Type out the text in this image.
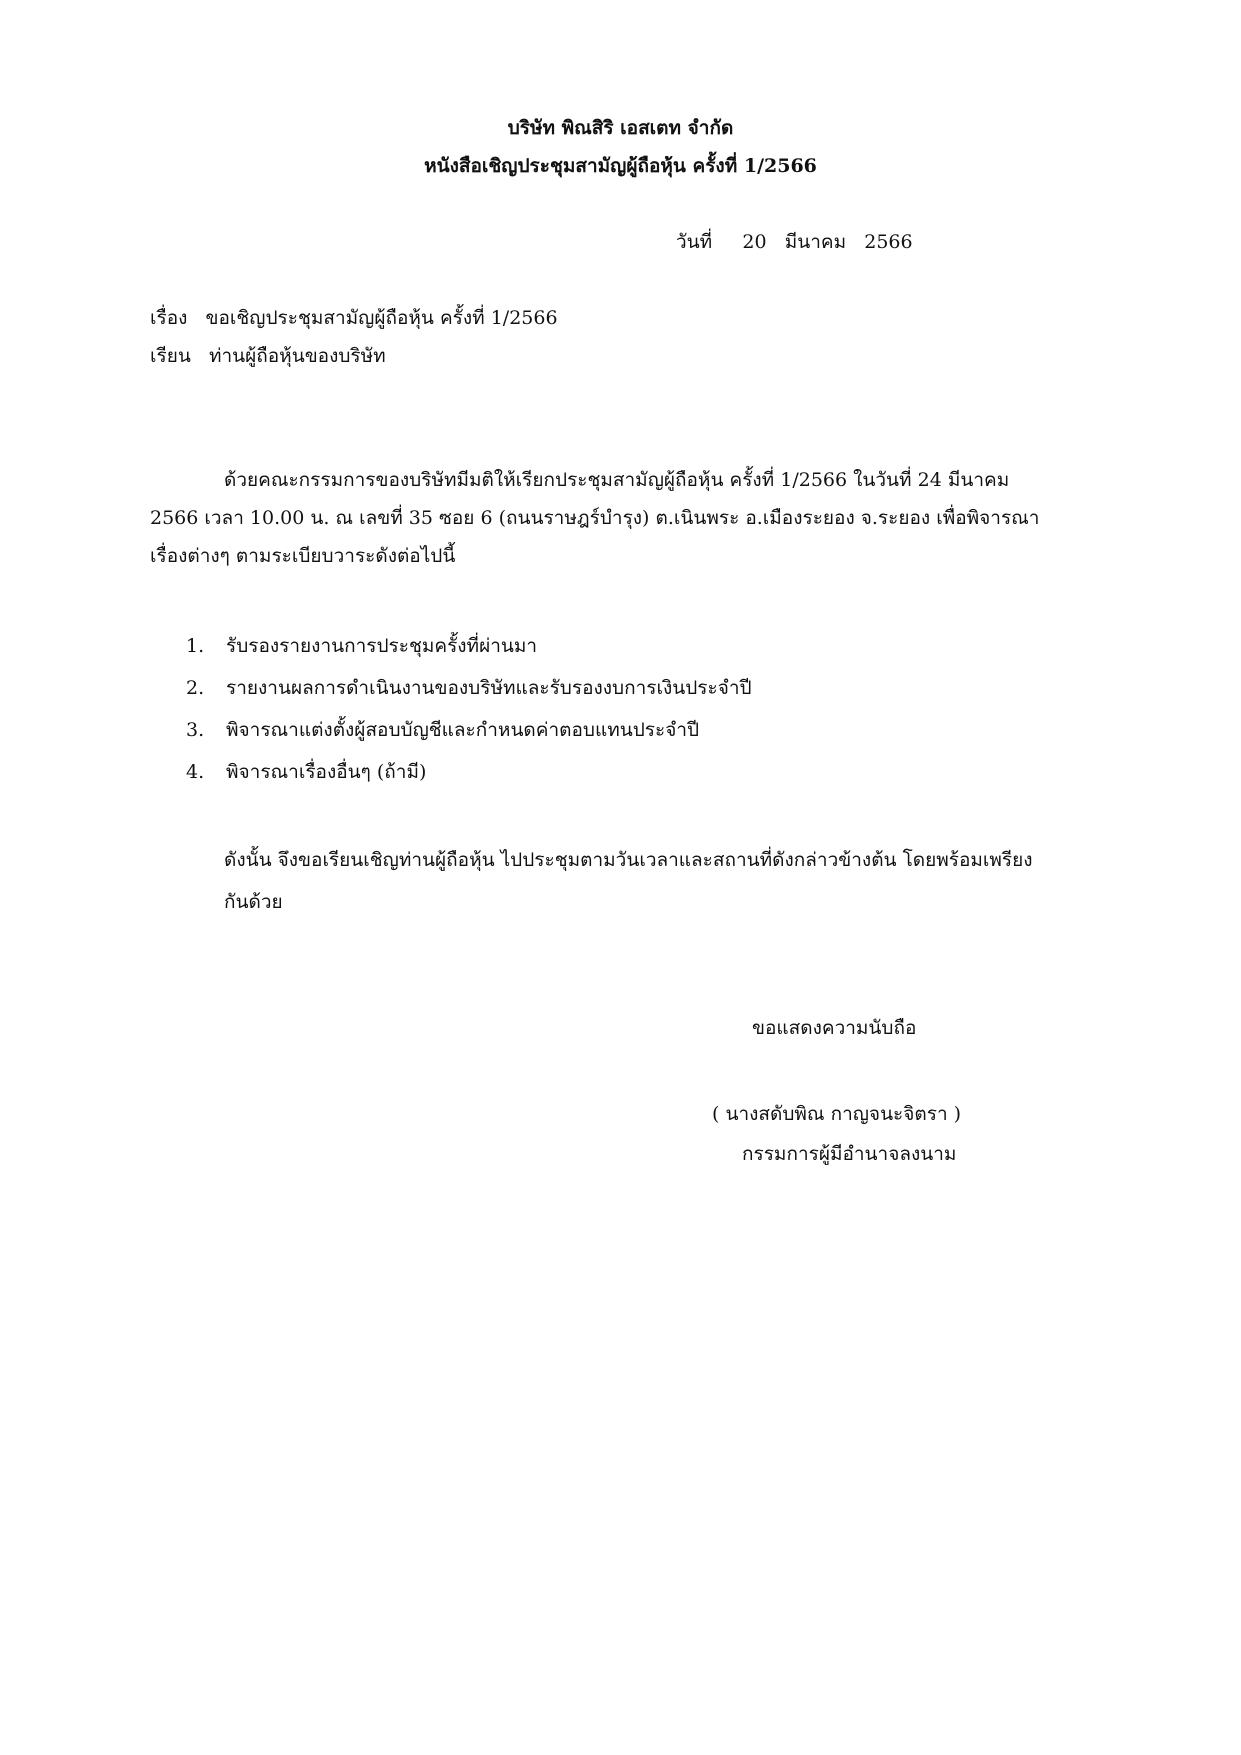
บริษัท พิณสิริ เอสเตท จำกัด
หนังสือเชิญประชุมสามัญผู้ถือหุ้น ครั้งที่ 1/2566
วันที่ 20 มีนาคม 2566
เรื่อง ขอเชิญประชุมสามัญผู้ถือหุ้น ครั้งที่ 1/2566
เรียน ท่านผู้ถือหุ้นของบริษัท
ด้วยคณะกรรมการของบริษัทมีมติให้เรียกประชุมสามัญผู้ถือหุ้น ครั้งที่ 1/2566 ในวันที่ 24 มีนาคม
2566 เวลา 10.00 น. ณ เลขที่ 35 ซอย 6 (ถนนราษฎร์บำรุง) ต.เนินพระ อ.เมืองระยอง จ.ระยอง เพื่อพิจารณา
เรื่องต่างๆ ตามระเบียบวาระดังต่อไปนี้
1. รับรองรายงานการประชุมครั้งที่ผ่านมา
2. รายงานผลการดำเนินงานของบริษัทและรับรองงบการเงินประจำปี
3. พิจารณาแต่งตั้งผู้สอบบัญชีและกำหนดค่าตอบแทนประจำปี
4. พิจารณาเรื่องอื่นๆ (ถ้ามี)
ดังนั้น จึงขอเรียนเชิญท่านผู้ถือหุ้น ไปประชุมตามวันเวลาและสถานที่ดังกล่าวข้างต้น โดยพร้อมเพรียง
กันด้วย
ขอแสดงความนับถือ
( นางสดับพิณ กาญจนะจิตรา )
กรรมการผู้มีอำนาจลงนาม
